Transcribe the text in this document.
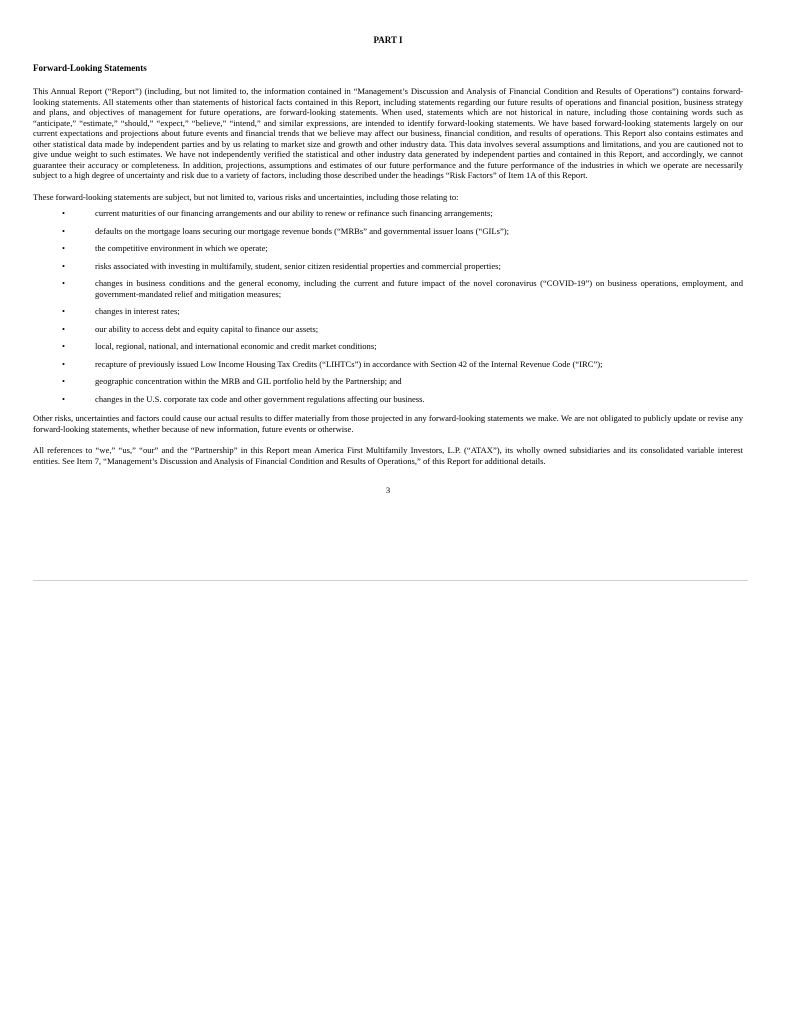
PART I
Forward-Looking Statements

This Annual Report (“Report”) (including, but not limited to, the information contained in “Management’s Discussion and Analysis of Financial Condition and Results of Operations”) contains forward-looking statements. All statements other than statements of historical facts contained in this Report, including statements regarding our future results of operations and financial position, business strategy and plans, and objectives of management for future operations, are forward-looking statements. When used, statements which are not historical in nature, including those containing words such as “anticipate,” “estimate,” “should,” “expect,” “believe,” “intend,” and similar expressions, are intended to identify forward-looking statements. We have based forward-looking statements largely on our current expectations and projections about future events and financial trends that we believe may affect our business, financial condition, and results of operations. This Report also contains estimates and other statistical data made by independent parties and by us relating to market size and growth and other industry data. This data involves several assumptions and limitations, and you are cautioned not to give undue weight to such estimates. We have not independently verified the statistical and other industry data generated by independent parties and contained in this Report, and accordingly, we cannot guarantee their accuracy or completeness. In addition, projections, assumptions and estimates of our future performance and the future performance of the industries in which we operate are necessarily subject to a high degree of uncertainty and risk due to a variety of factors, including those described under the headings “Risk Factors” of Item 1A of this Report.

These forward-looking statements are subject, but not limited to, various risks and uncertainties, including those relating to:

•	current maturities of our financing arrangements and our ability to renew or refinance such financing arrangements;
•	defaults on the mortgage loans securing our mortgage revenue bonds (“MRBs” and governmental issuer loans (“GILs”);
•	the competitive environment in which we operate;
•	risks associated with investing in multifamily, student, senior citizen residential properties and commercial properties;
•	changes in business conditions and the general economy, including the current and future impact of the novel coronavirus (“COVID-19”) on business operations, employment, and government-mandated relief and mitigation measures;
•	changes in interest rates;
•	our ability to access debt and equity capital to finance our assets;
•	local, regional, national, and international economic and credit market conditions;
•	recapture of previously issued Low Income Housing Tax Credits (“LIHTCs”) in accordance with Section 42 of the Internal Revenue Code (“IRC”);
•	geographic concentration within the MRB and GIL portfolio held by the Partnership; and
•	changes in the U.S. corporate tax code and other government regulations affecting our business.

Other risks, uncertainties and factors could cause our actual results to differ materially from those projected in any forward-looking statements we make. We are not obligated to publicly update or revise any forward-looking statements, whether because of new information, future events or otherwise.

All references to “we,” “us,” “our” and the “Partnership” in this Report mean America First Multifamily Investors, L.P. (“ATAX”), its wholly owned subsidiaries and its consolidated variable interest entities. See Item 7, “Management’s Discussion and Analysis of Financial Condition and Results of Operations,” of this Report for additional details.

3
